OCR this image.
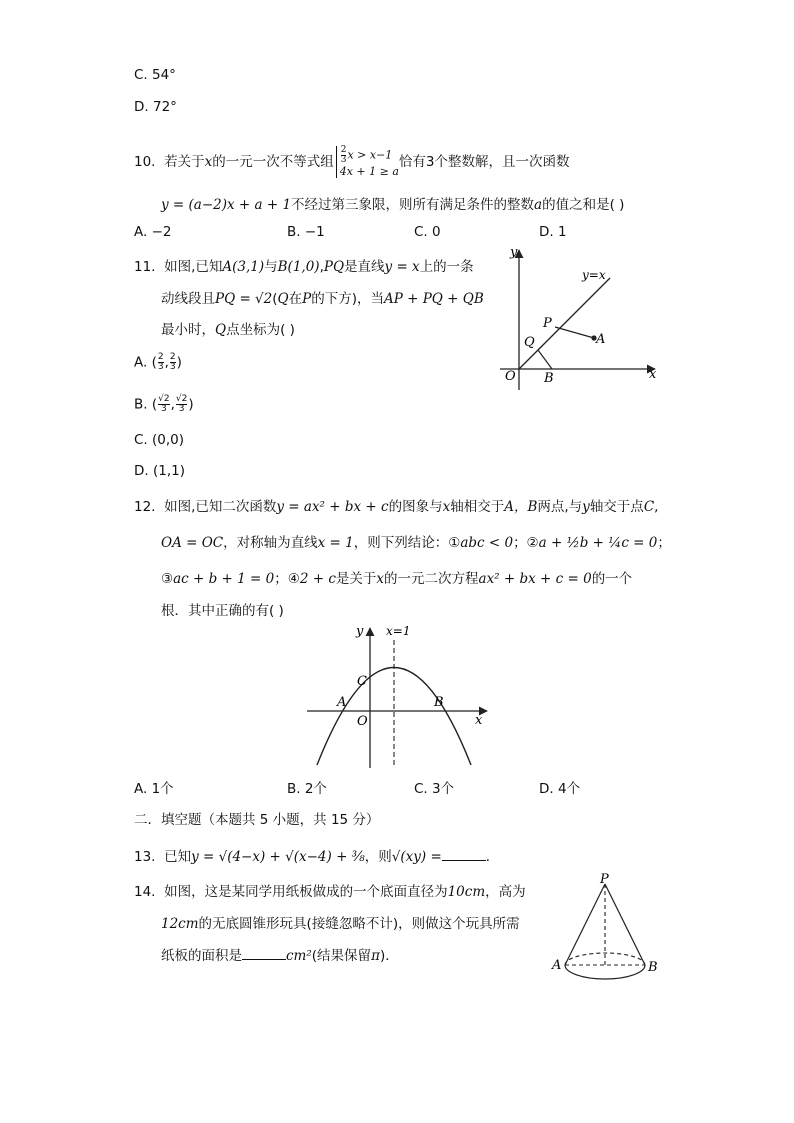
C. 54°
D. 72°
10. 若关于x的一元一次不等式组 $\frac{2}{3}$ x > x−1
4x + 1 ≥ a
恰有3个整数解，且一次函数
y = (a−2)x + a + 1不经过第三象限，则所有满足条件的整数a的值之和是( )
A. −2	B. −1	C. 0	D. 1
11. 如图,已知A(3,1)与B(1,0),PQ是直线y = x上的一条
动线段且PQ = √2(Q在P的下方)，当AP + PQ + QB
最小时，Q点坐标为( )
A. ( $\frac{2}{3}$ , $\frac{2}{3}$ )
B. ( $\frac{√2}{3}$ , $\frac{√2}{3}$ )
C. (0,0)
D. (1,1)
y
x
y=x
P
A
Q
O B
12. 如图,已知二次函数y = ax² + bx + c的图象与x轴相交于A，B两点,与y轴交于点C,
OA = OC，对称轴为直线x = 1，则下列结论：①abc < 0；②a + ½b + ¼c = 0；
③ac + b + 1 = 0；④2 + c是关于x的一元二次方程ax² + bx + c = 0的一个
根．其中正确的有( )
y x=1
C
A	B
O	x
A. 1个	B. 2个	C. 3个	D. 4个
二．填空题（本题共 5 小题，共 15 分）
13. 已知y = √(4−x) + √(x−4) + ⅜，则√(xy) =	．
14. 如图，这是某同学用纸板做成的一个底面直径为10cm，高为
12cm的无底圆锥形玩具(接缝忽略不计)，则做这个玩具所需
纸板的面积是	cm²(结果保留π)．
P
A	B
